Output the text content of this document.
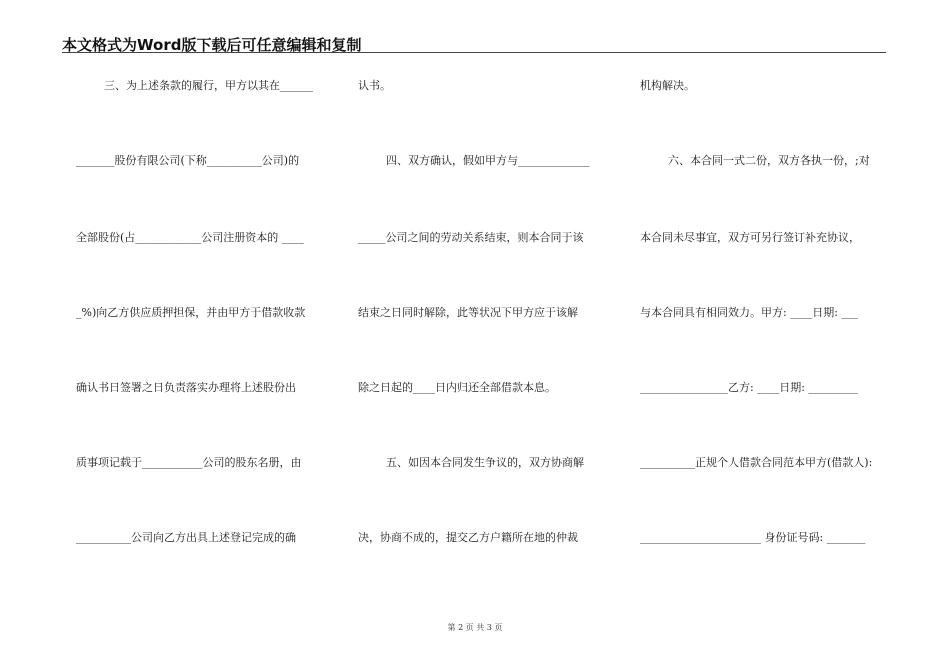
本文格式为Word版下载后可任意编辑和复制
三、为上述条款的履行，甲方以其在______
_______股份有限公司(下称__________公司)的
全部股份(占____________公司注册资本的 ____
_%)向乙方供应质押担保，并由甲方于借款收款
确认书日签署之日负责落实办理将上述股份出
质事项记载于___________公司的股东名册，由
__________公司向乙方出具上述登记完成的确
认书。
四、双方确认，假如甲方与_____________
_____公司之间的劳动关系结束，则本合同于该
结束之日同时解除，此等状况下甲方应于该解
除之日起的____日内归还全部借款本息。
五、如因本合同发生争议的，双方协商解
决，协商不成的，提交乙方户籍所在地的仲裁
机构解决。
六、本合同一式二份，双方各执一份，;对
本合同未尽事宜，双方可另行签订补充协议，
与本合同具有相同效力。甲方: ____日期: ___
________________乙方: ____日期: _________
__________正规个人借款合同范本甲方(借款人):
______________________ 身份证号码: _______
第 2 页 共 3 页
